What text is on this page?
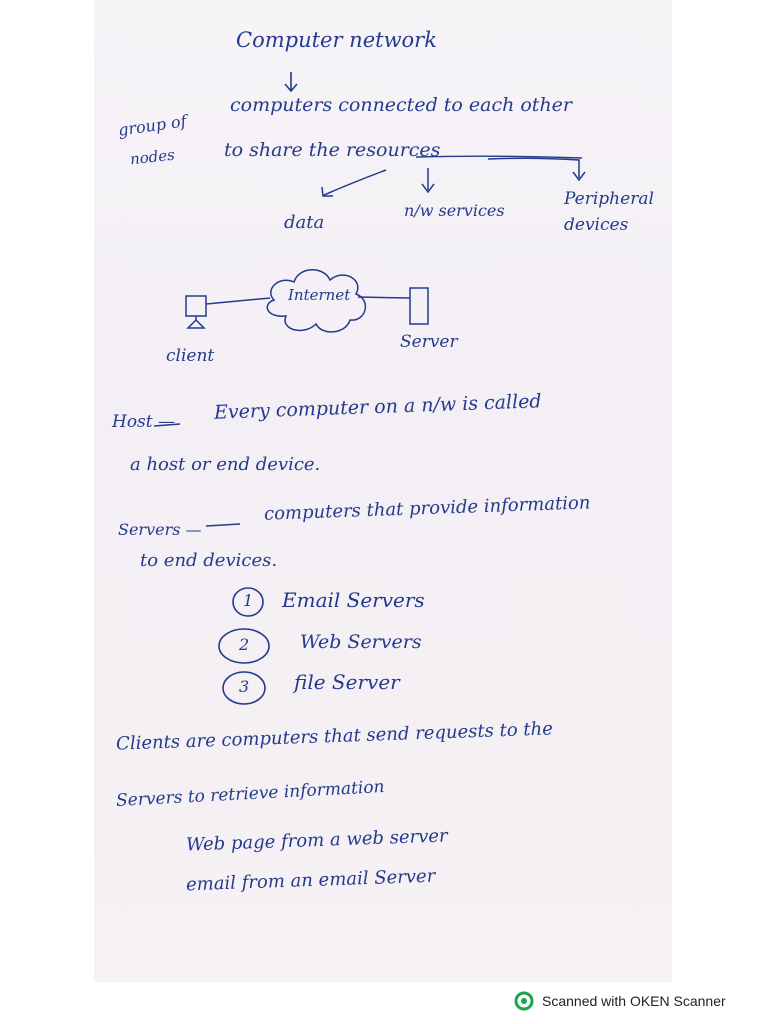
Computer network
group of
computers connected to each other
nodes	to share the resources
data
n/w services
Peripheral devices
Internet
client
Server
Host — Every computer on a n/w is called
a host or end device.
Servers —
computers that provide information
to end devices.
1 Email Servers
2	Web Servers
3 file Server
Clients are computers that send requests to the
Servers to retrieve information
Web page from a web server
email from an email Server
Scanned with OKEN Scanner
